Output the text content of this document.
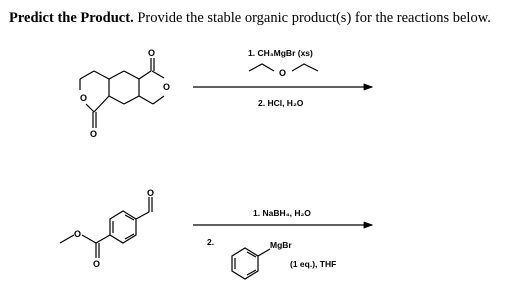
Predict the Product. Provide the stable organic product(s) for the reactions below.
1. CH₃MgBr (xs)
2. HCl, H₂O
1. NaBH₄, H₂O
2.	MgBr
(1 eq.), THF
O
O
O
O
O
O
O
O
